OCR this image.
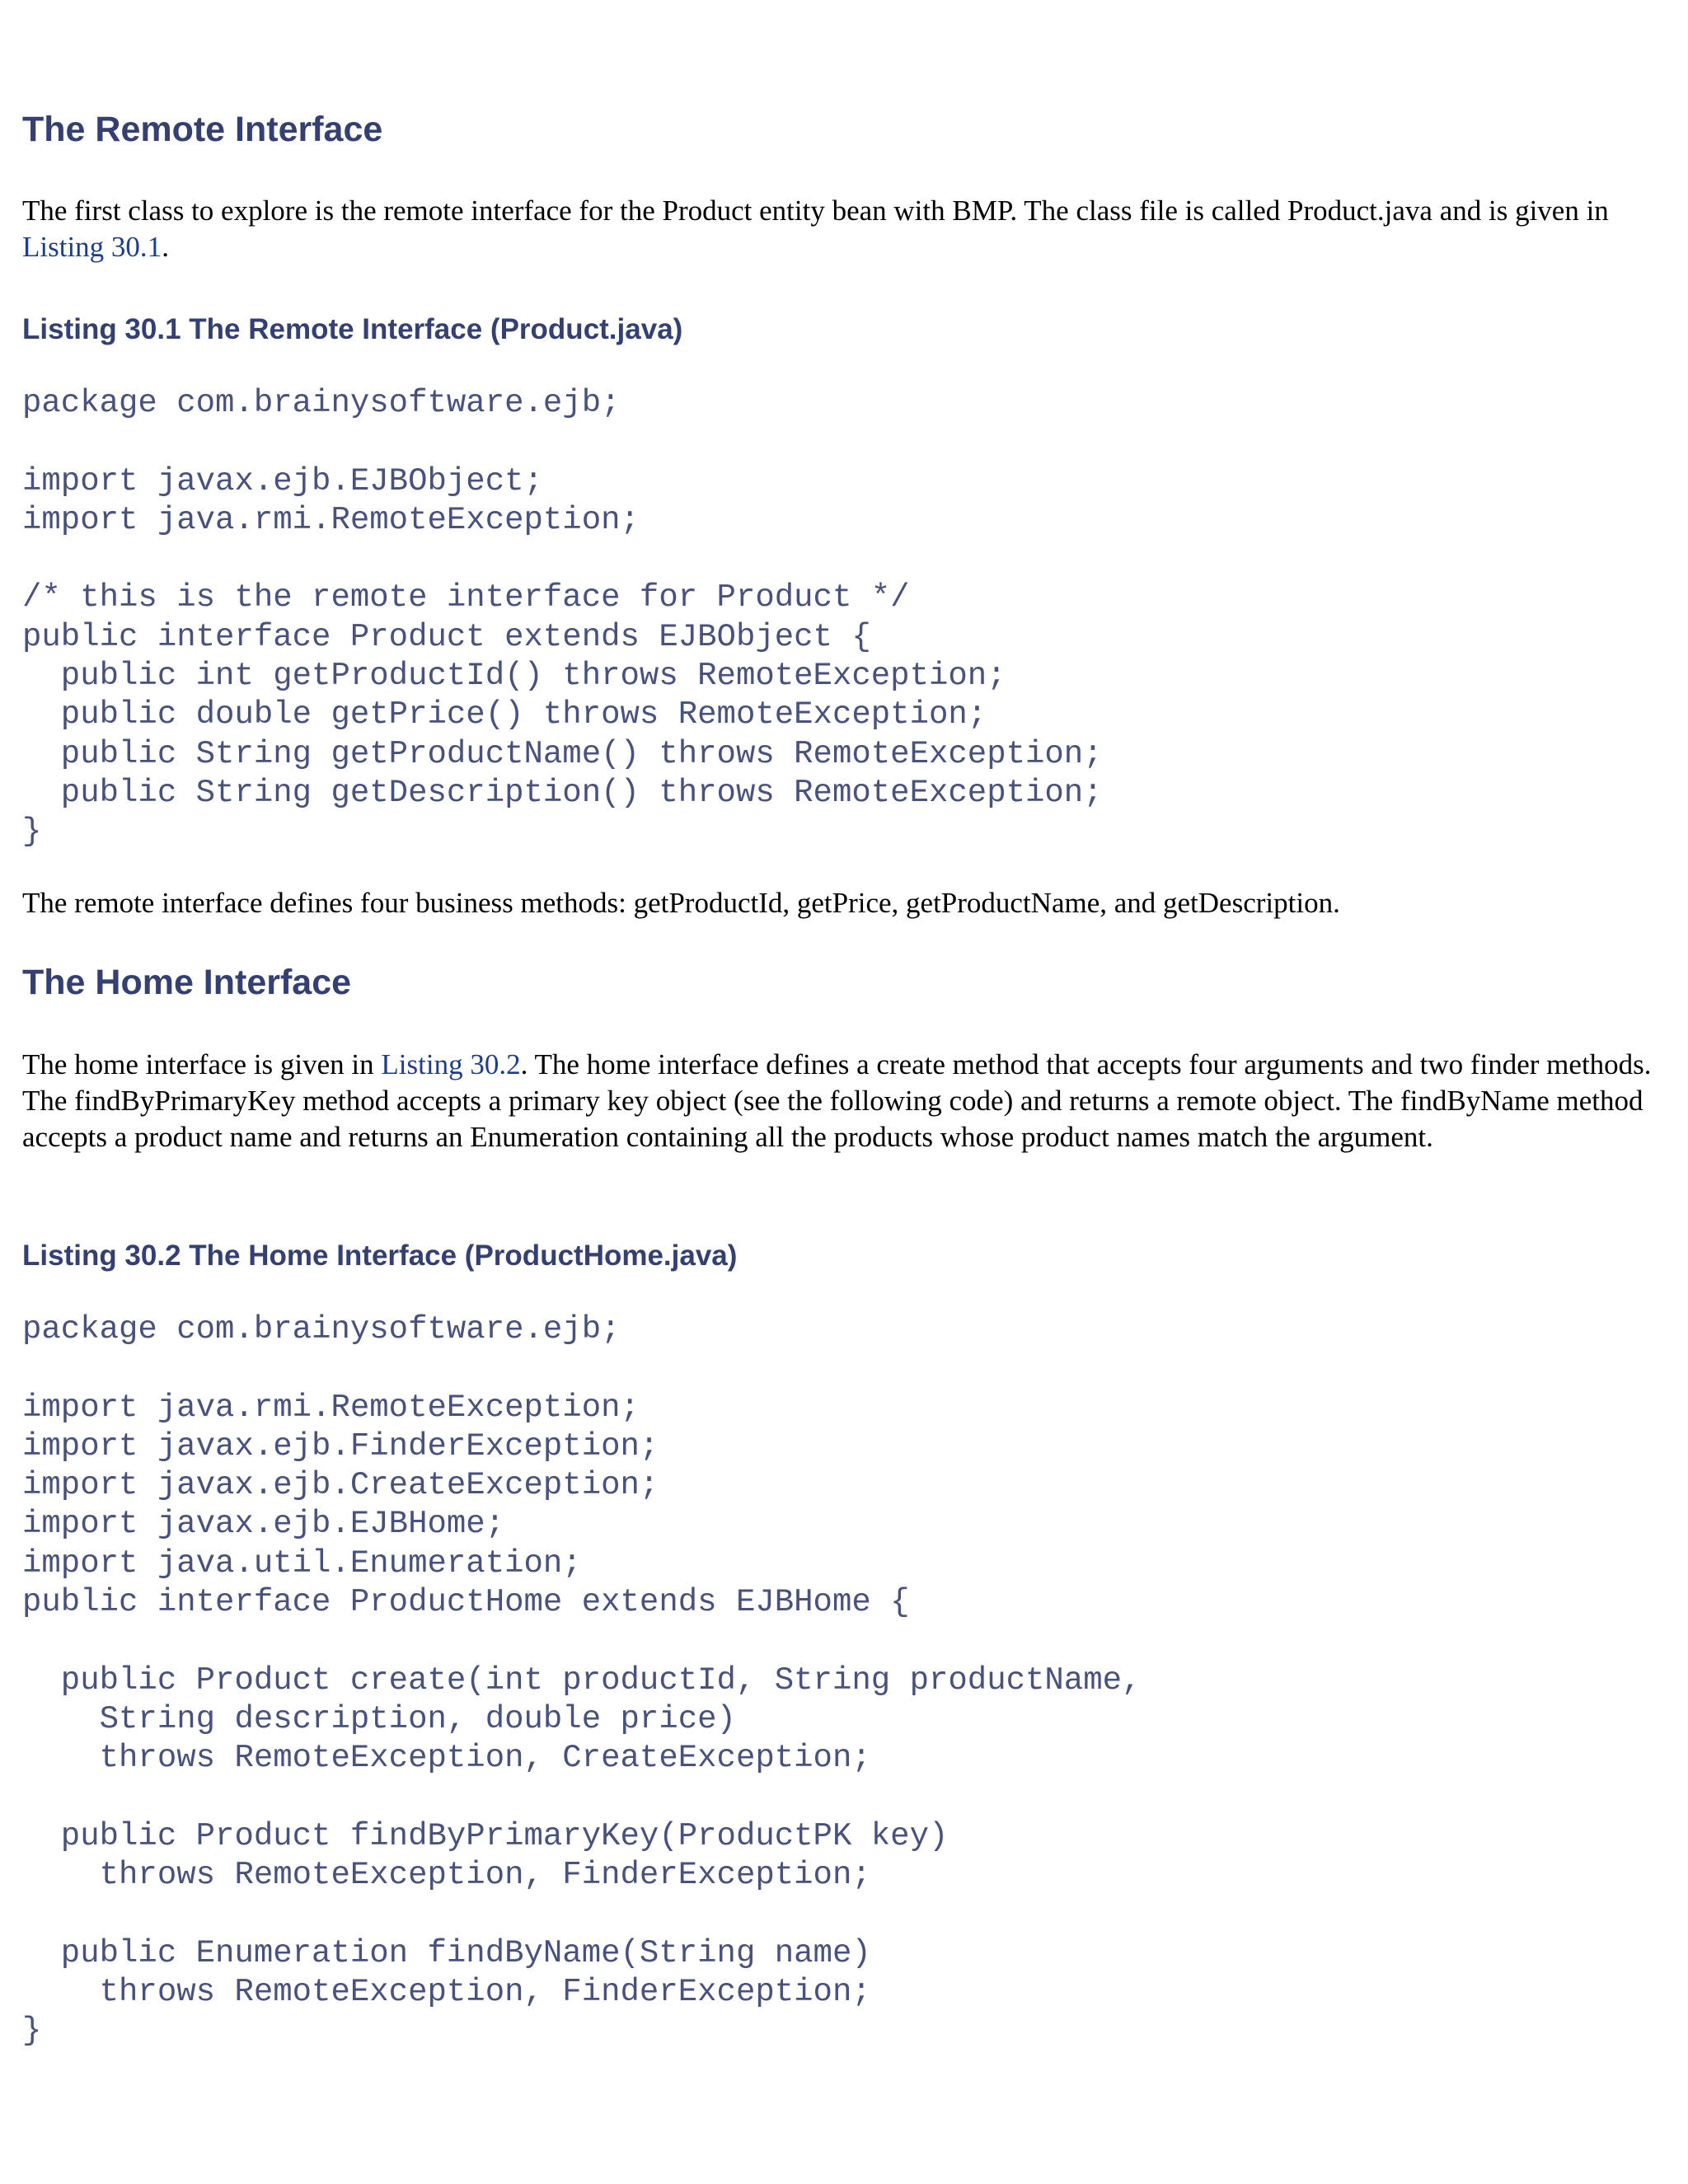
The Remote Interface

The first class to explore is the remote interface for the Product entity bean with BMP. The class file is called Product.java and is given in Listing 30.1.

Listing 30.1 The Remote Interface (Product.java)
package com.brainysoftware.ejb;

import javax.ejb.EJBObject;
import java.rmi.RemoteException;

/* this is the remote interface for Product */
public interface Product extends EJBObject {
public int getProductId() throws RemoteException;
public double getPrice() throws RemoteException;
public String getProductName() throws RemoteException;
public String getDescription() throws RemoteException;
}

The remote interface defines four business methods: getProductId, getPrice, getProductName, and getDescription.

The Home Interface

The home interface is given in Listing 30.2. The home interface defines a create method that accepts four arguments and two finder methods. The findByPrimaryKey method accepts a primary key object (see the following code) and returns a remote object. The findByName method accepts a product name and returns an Enumeration containing all the products whose product names match the argument.

Listing 30.2 The Home Interface (ProductHome.java)
package com.brainysoftware.ejb;

import java.rmi.RemoteException;
import javax.ejb.FinderException;
import javax.ejb.CreateException;
import javax.ejb.EJBHome;
import java.util.Enumeration;
public interface ProductHome extends EJBHome {

public Product create(int productId, String productName,
String description, double price)
throws RemoteException, CreateException;

public Product findByPrimaryKey(ProductPK key)
throws RemoteException, FinderException;

public Enumeration findByName(String name)
throws RemoteException, FinderException;
}
